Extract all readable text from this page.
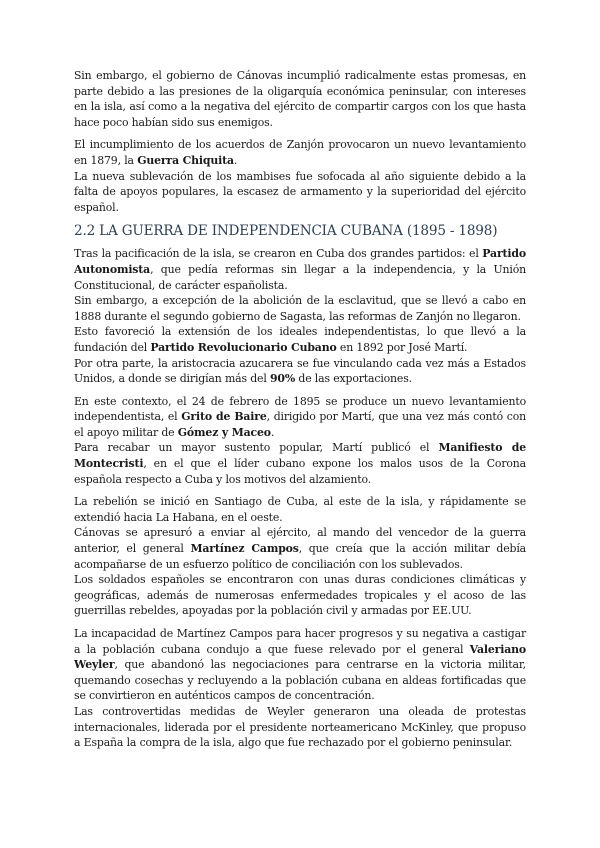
Sin embargo, el gobierno de Cánovas incumplió radicalmente estas promesas, en parte debido a las presiones de la oligarquía económica peninsular, con intereses en la isla, así como a la negativa del ejército de compartir cargos con los que hasta hace poco habían sido sus enemigos.

El incumplimiento de los acuerdos de Zanjón provocaron un nuevo levantamiento en 1879, la Guerra Chiquita.

La nueva sublevación de los mambises fue sofocada al año siguiente debido a la falta de apoyos populares, la escasez de armamento y la superioridad del ejército español.

2.2 LA GUERRA DE INDEPENDENCIA CUBANA (1895 - 1898)

Tras la pacificación de la isla, se crearon en Cuba dos grandes partidos: el Partido Autonomista, que pedía reformas sin llegar a la independencia, y la Unión Constitucional, de carácter españolista.

Sin embargo, a excepción de la abolición de la esclavitud, que se llevó a cabo en 1888 durante el segundo gobierno de Sagasta, las reformas de Zanjón no llegaron.

Esto favoreció la extensión de los ideales independentistas, lo que llevó a la fundación del Partido Revolucionario Cubano en 1892 por José Martí.

Por otra parte, la aristocracia azucarera se fue vinculando cada vez más a Estados Unidos, a donde se dirigían más del 90% de las exportaciones.

En este contexto, el 24 de febrero de 1895 se produce un nuevo levantamiento independentista, el Grito de Baire, dirigido por Martí, que una vez más contó con el apoyo militar de Gómez y Maceo.

Para recabar un mayor sustento popular, Martí publicó el Manifiesto de Montecristi, en el que el líder cubano expone los malos usos de la Corona española respecto a Cuba y los motivos del alzamiento.

La rebelión se inició en Santiago de Cuba, al este de la isla, y rápidamente se extendió hacia La Habana, en el oeste.

Cánovas se apresuró a enviar al ejército, al mando del vencedor de la guerra anterior, el general Martínez Campos, que creía que la acción militar debía acompañarse de un esfuerzo político de conciliación con los sublevados.

Los soldados españoles se encontraron con unas duras condiciones climáticas y geográficas, además de numerosas enfermedades tropicales y el acoso de las guerrillas rebeldes, apoyadas por la población civil y armadas por EE.UU.

La incapacidad de Martínez Campos para hacer progresos y su negativa a castigar a la población cubana condujo a que fuese relevado por el general Valeriano Weyler, que abandonó las negociaciones para centrarse en la victoria militar, quemando cosechas y recluyendo a la población cubana en aldeas fortificadas que se convirtieron en auténticos campos de concentración.

Las controvertidas medidas de Weyler generaron una oleada de protestas internacionales, liderada por el presidente norteamericano McKinley, que propuso a España la compra de la isla, algo que fue rechazado por el gobierno peninsular.
